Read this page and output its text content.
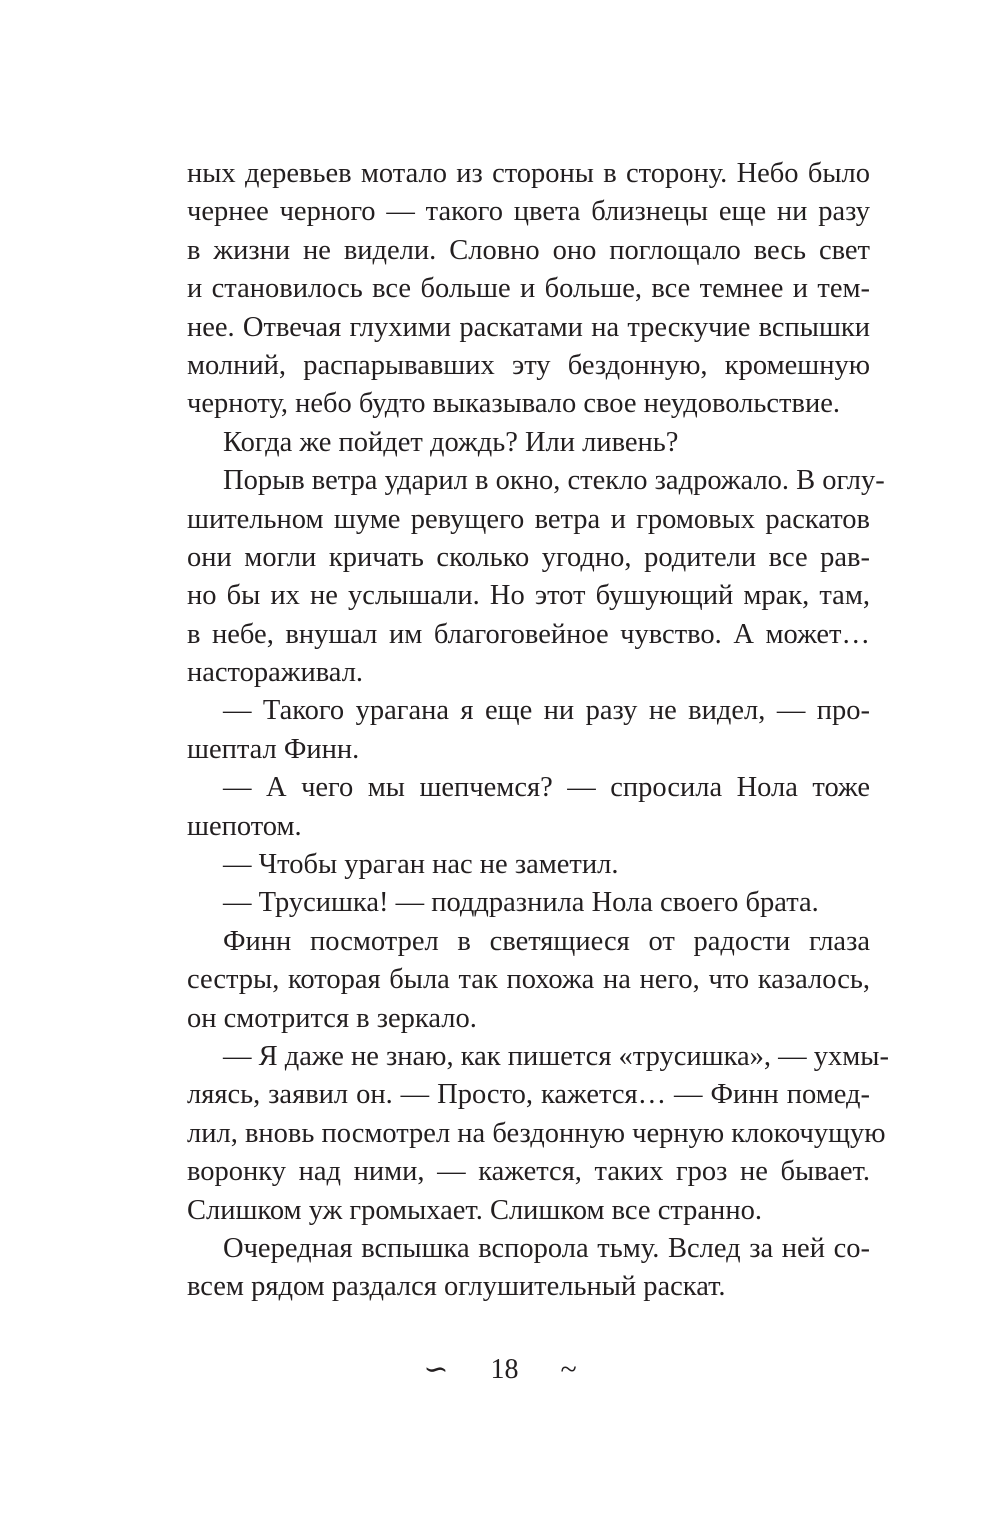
ных деревьев мотало из стороны в сторону. Небо было
чернее черного — такого цвета близнецы еще ни разу
в жизни не видели. Словно оно поглощало весь свет
и становилось все больше и больше, все темнее и тем-
нее. Отвечая глухими раскатами на трескучие вспышки
молний, распарывавших эту бездонную, кромешную
черноту, небо будто выказывало свое неудовольствие.
Когда же пойдет дождь? Или ливень?
Порыв ветра ударил в окно, стекло задрожало. В оглу-
шительном шуме ревущего ветра и громовых раскатов
они могли кричать сколько угодно, родители все рав-
но бы их не услышали. Но этот бушующий мрак, там,
в небе, внушал им благоговейное чувство. А может…
настораживал.
— Такого урагана я еще ни разу не видел, — про-
шептал Финн.
— А чего мы шепчемся? — спросила Нола тоже
шепотом.
— Чтобы ураган нас не заметил.
— Трусишка! — поддразнила Нола своего брата.
Финн посмотрел в светящиеся от радости глаза
сестры, которая была так похожа на него, что казалось,
он смотрится в зеркало.
— Я даже не знаю, как пишется «трусишка», — ухмы-
ляясь, заявил он. — Просто, кажется… — Финн помед-
лил, вновь посмотрел на бездонную черную клокочущую
воронку над ними, — кажется, таких гроз не бывает.
Слишком уж громыхает. Слишком все странно.
Очередная вспышка вспорола тьму. Вслед за ней со-
всем рядом раздался оглушительный раскат.
∽ 18 ~
